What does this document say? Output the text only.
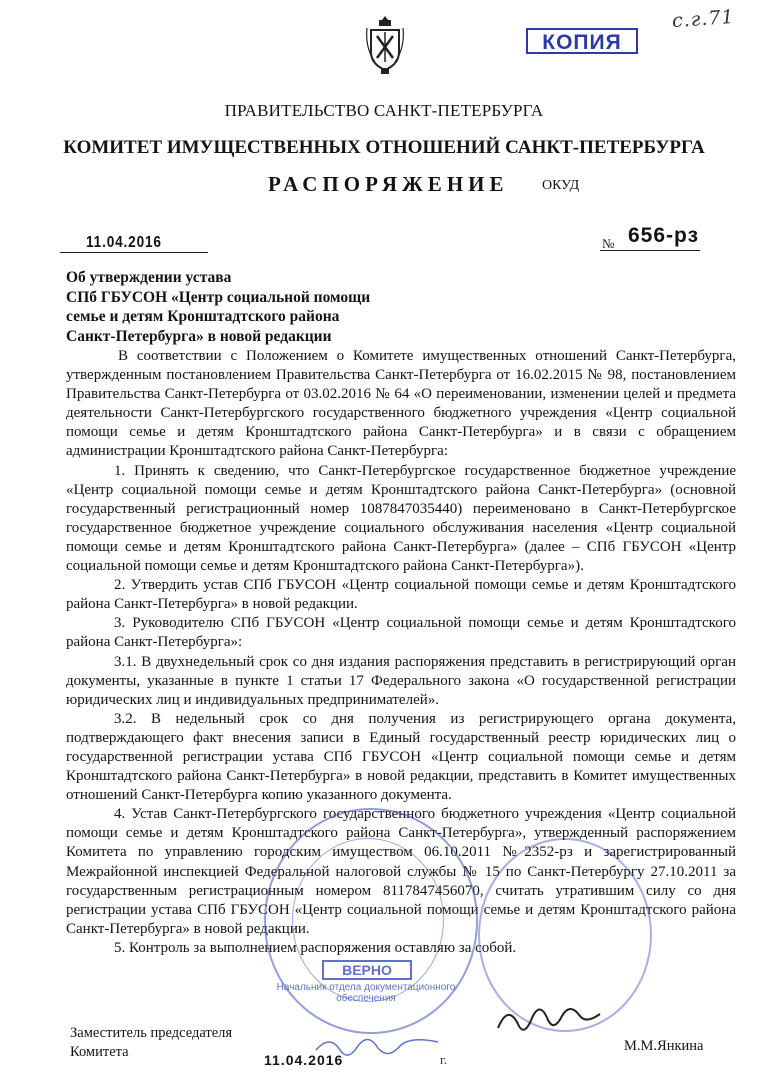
с.г.71
КОПИЯ
ПРАВИТЕЛЬСТВО САНКТ-ПЕТЕРБУРГА
КОМИТЕТ ИМУЩЕСТВЕННЫХ ОТНОШЕНИЙ САНКТ-ПЕТЕРБУРГА
РАСПОРЯЖЕНИЕ ОКУД
11.04.2016	№ 656-рз
Об утверждении устава
СПб ГБУСОН «Центр социальной помощи
семье и детям Кронштадтского района
Санкт-Петербурга» в новой редакции

В соответствии с Положением о Комитете имущественных отношений Санкт-Петербурга, утвержденным постановлением Правительства Санкт-Петербурга от 16.02.2015 № 98, постановлением Правительства Санкт-Петербурга от 03.02.2016 № 64 «О переименовании, изменении целей и предмета деятельности Санкт-Петербургского государственного бюджетного учреждения «Центр социальной помощи семье и детям Кронштадтского района Санкт-Петербурга» и в связи с обращением администрации Кронштадтского района Санкт-Петербурга:

1. Принять к сведению, что Санкт-Петербургское государственное бюджетное учреждение «Центр социальной помощи семье и детям Кронштадтского района Санкт-Петербурга» (основной государственный регистрационный номер 1087847035440) переименовано в Санкт-Петербургское государственное бюджетное учреждение социального обслуживания населения «Центр социальной помощи семье и детям Кронштадтского района Санкт-Петербурга» (далее – СПб ГБУСОН «Центр социальной помощи семье и детям Кронштадтского района Санкт-Петербурга»).

2. Утвердить устав СПб ГБУСОН «Центр социальной помощи семье и детям Кронштадтского района Санкт-Петербурга» в новой редакции.

3. Руководителю СПб ГБУСОН «Центр социальной помощи семье и детям Кронштадтского района Санкт-Петербурга»:

3.1. В двухнедельный срок со дня издания распоряжения представить в регистрирующий орган документы, указанные в пункте 1 статьи 17 Федерального закона «О государственной регистрации юридических лиц и индивидуальных предпринимателей».

3.2. В недельный срок со дня получения из регистрирующего органа документа, подтверждающего факт внесения записи в Единый государственный реестр юридических лиц о государственной регистрации устава СПб ГБУСОН «Центр социальной помощи семье и детям Кронштадтского района Санкт-Петербурга» в новой редакции, представить в Комитет имущественных отношений Санкт-Петербурга копию указанного документа.

4. Устав Санкт-Петербургского государственного бюджетного учреждения «Центр социальной помощи семье и детям Кронштадтского района Санкт-Петербурга», утвержденный распоряжением Комитета по управлению городским имуществом 06.10.2011 №2352-рз и зарегистрированный Межрайонной инспекцией Федеральной налоговой службы № 15 по Санкт-Петербургу 27.10.2011 за государственным регистрационным номером 8117847456070, считать утратившим силу со дня регистрации устава СПб ГБУСОН «Центр социальной помощи семье и детям Кронштадтского района Санкт-Петербурга» в новой редакции.

5. Контроль за выполнением распоряжения оставляю за собой.

ВЕРНО
Начальник отдела документационного обеспечения
Заместитель председателя
Комитета	М.М.Янкина
11.04.2016	г.
